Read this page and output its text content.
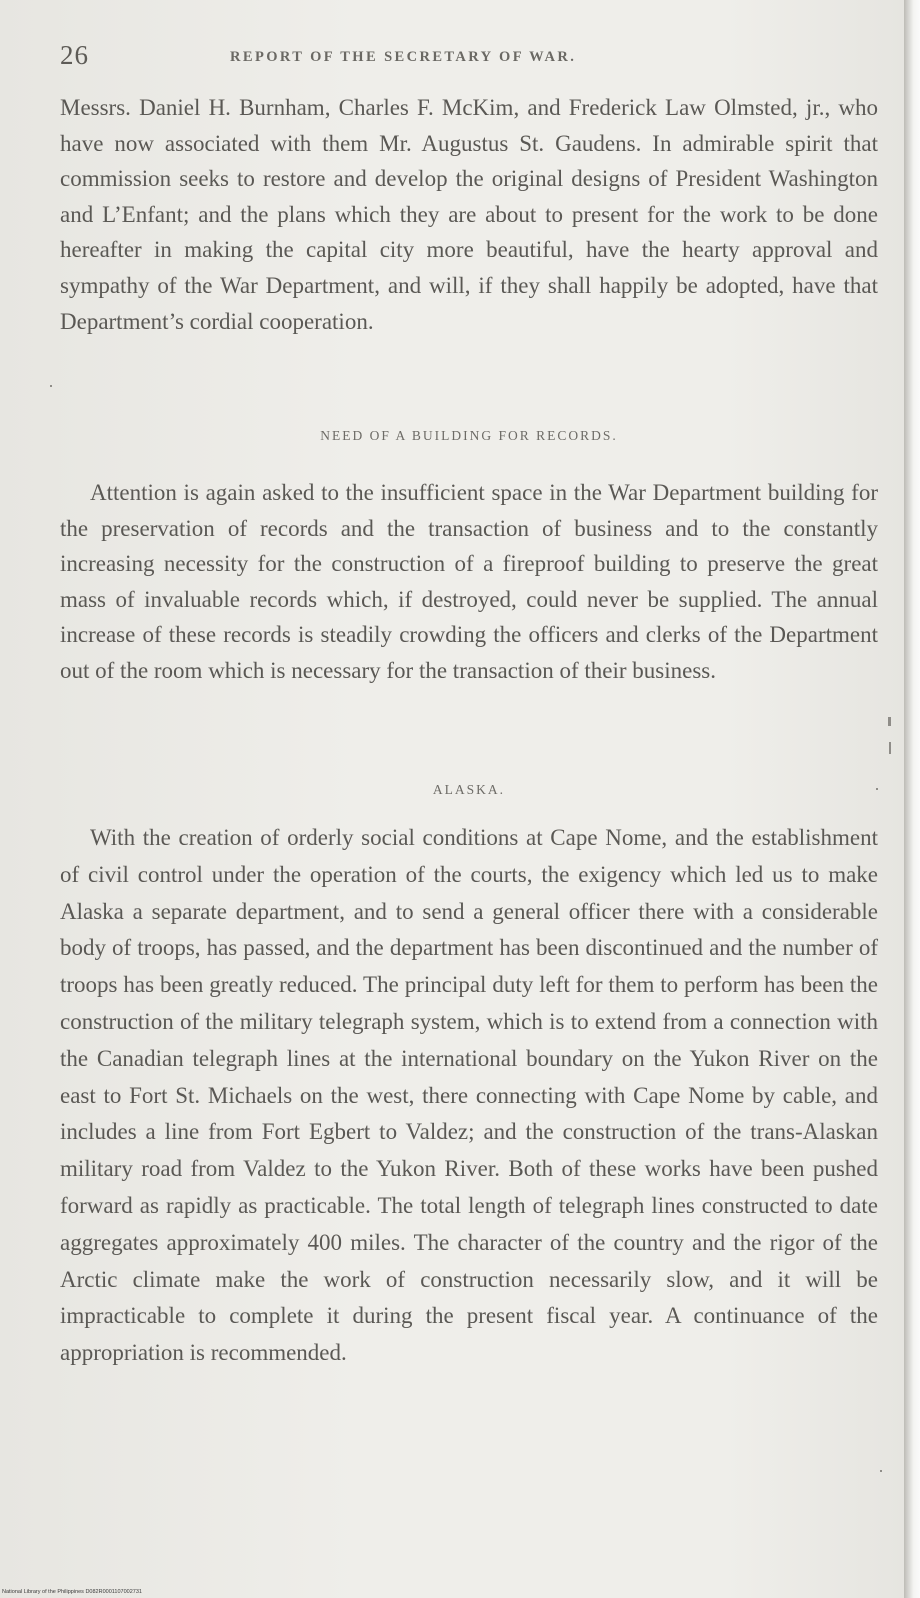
26	REPORT OF THE SECRETARY OF WAR.

Messrs. Daniel H. Burnham, Charles F. McKim, and Frederick Law Olmsted, jr., who have now associated with them Mr. Augustus St. Gaudens. In admirable spirit that commission seeks to restore and develop the original designs of President Washington and L’Enfant; and the plans which they are about to present for the work to be done hereafter in making the capital city more beautiful, have the hearty approval and sympathy of the War Department, and will, if they shall happily be adopted, have that Department’s cordial cooperation.

NEED OF A BUILDING FOR RECORDS.

Attention is again asked to the insufficient space in the War Department building for the preservation of records and the transaction of business and to the constantly increasing necessity for the construction of a fireproof building to preserve the great mass of invaluable records which, if destroyed, could never be supplied. The annual increase of these records is steadily crowding the officers and clerks of the Department out of the room which is necessary for the transaction of their business.

ALASKA.

With the creation of orderly social conditions at Cape Nome, and the establishment of civil control under the operation of the courts, the exigency which led us to make Alaska a separate department, and to send a general officer there with a considerable body of troops, has passed, and the department has been discontinued and the number of troops has been greatly reduced. The principal duty left for them to perform has been the construction of the military telegraph system, which is to extend from a connection with the Canadian telegraph lines at the international boundary on the Yukon River on the east to Fort St. Michaels on the west, there connecting with Cape Nome by cable, and includes a line from Fort Egbert to Valdez; and the construction of the trans-Alaskan military road from Valdez to the Yukon River. Both of these works have been pushed forward as rapidly as practicable. The total length of telegraph lines constructed to date aggregates approximately 400 miles. The character of the country and the rigor of the Arctic climate make the work of construction necessarily slow, and it will be impracticable to complete it during the present fiscal year. A continuance of the appropriation is recommended.

National Library of the Philippines D082R0001107002731
